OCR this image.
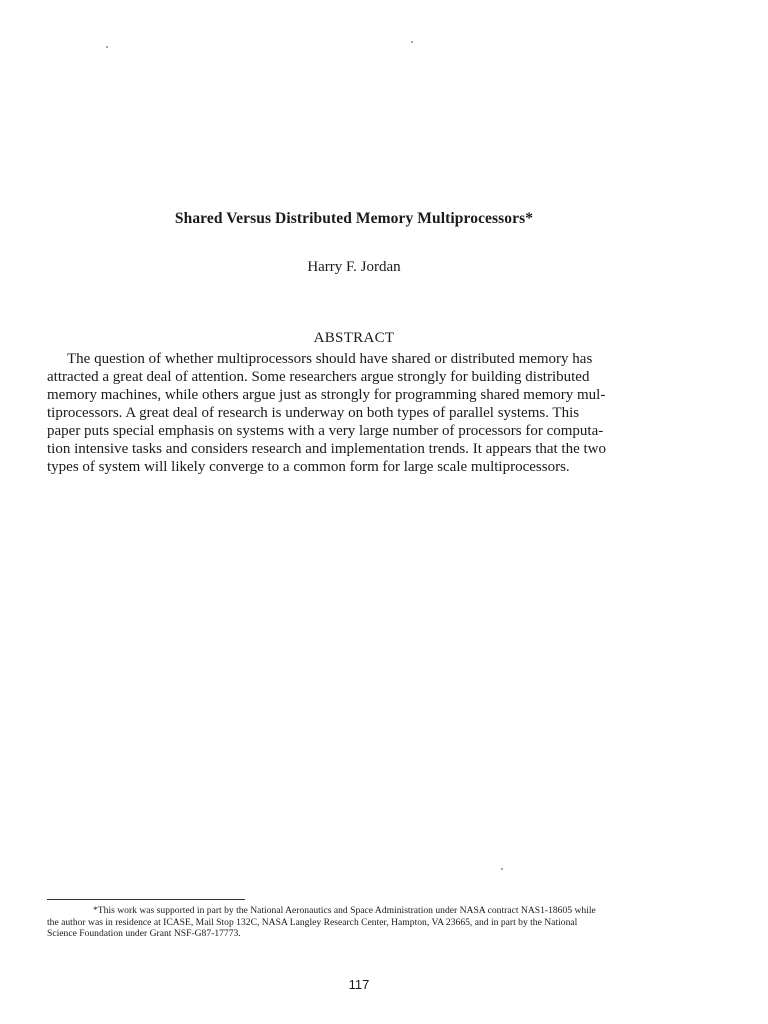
Shared Versus Distributed Memory Multiprocessors*
Harry F. Jordan
ABSTRACT
The question of whether multiprocessors should have shared or distributed memory has
attracted a great deal of attention. Some researchers argue strongly for building distributed
memory machines, while others argue just as strongly for programming shared memory mul-
tiprocessors. A great deal of research is underway on both types of parallel systems. This
paper puts special emphasis on systems with a very large number of processors for computa-
tion intensive tasks and considers research and implementation trends. It appears that the two
types of system will likely converge to a common form for large scale multiprocessors.
*This work was supported in part by the National Aeronautics and Space Administration under NASA contract NAS1-18605 while
the author was in residence at ICASE, Mail Stop 132C, NASA Langley Research Center, Hampton, VA 23665, and in part by the National
Science Foundation under Grant NSF-G87-17773.
117
